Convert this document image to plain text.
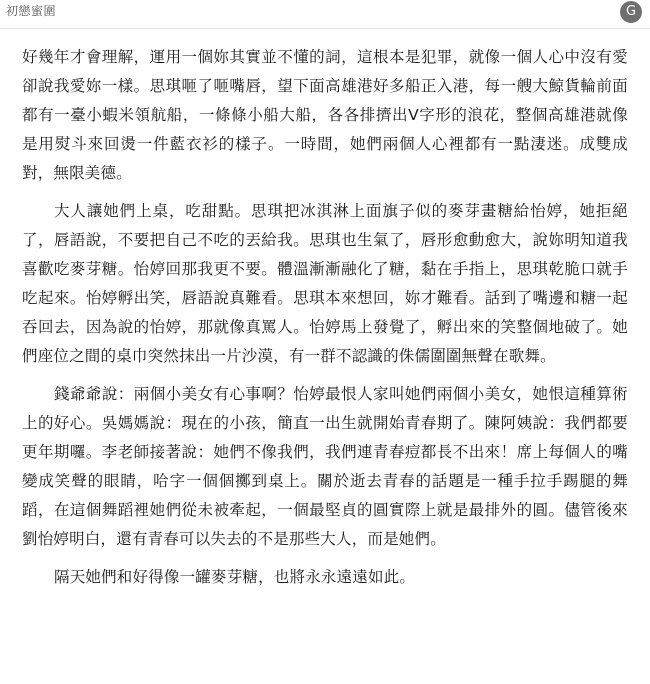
初戀蜜圍	G

好幾年才會理解，運用一個妳其實並不懂的詞，這根本是犯罪，就像一個人心中沒有愛卻說我愛妳一樣。思琪咂了咂嘴唇，望下面高雄港好多船正入港，每一艘大鯨貨輪前面都有一臺小蝦米領航船，一條條小船大船，各各排擠出V字形的浪花，整個高雄港就像是用熨斗來回燙一件藍衣衫的樣子。一時間，她們兩個人心裡都有一點淒迷。成雙成對，無限美德。

大人讓她們上桌，吃甜點。思琪把冰淇淋上面旗子似的麥芽畫糖給怡婷，她拒絕了，唇語說，不要把自己不吃的丟給我。思琪也生氣了，唇形愈動愈大，說妳明知道我喜歡吃麥芽糖。怡婷回那我更不要。體溫漸漸融化了糖，黏在手指上，思琪乾脆口就手吃起來。怡婷孵出笑，唇語說真難看。思琪本來想回，妳才難看。話到了嘴邊和糖一起吞回去，因為說的怡婷，那就像真罵人。怡婷馬上發覺了，孵出來的笑整個地破了。她們座位之間的桌巾突然抹出一片沙漠，有一群不認識的侏儒圍圍無聲在歌舞。

錢爺爺說：兩個小美女有心事啊？怡婷最恨人家叫她們兩個小美女，她恨這種算術上的好心。吳媽媽說：現在的小孩，簡直一出生就開始青春期了。陳阿姨說：我們都要更年期囉。李老師接著說：她們不像我們，我們連青春痘都長不出來！席上每個人的嘴變成笑聲的眼睛，哈字一個個擲到桌上。關於逝去青春的話題是一種手拉手踢腿的舞蹈，在這個舞蹈裡她們從未被牽起，一個最堅貞的圓實際上就是最排外的圓。儘管後來劉怡婷明白，還有青春可以失去的不是那些大人，而是她們。

隔天她們和好得像一罐麥芽糖，也將永永遠遠如此。
